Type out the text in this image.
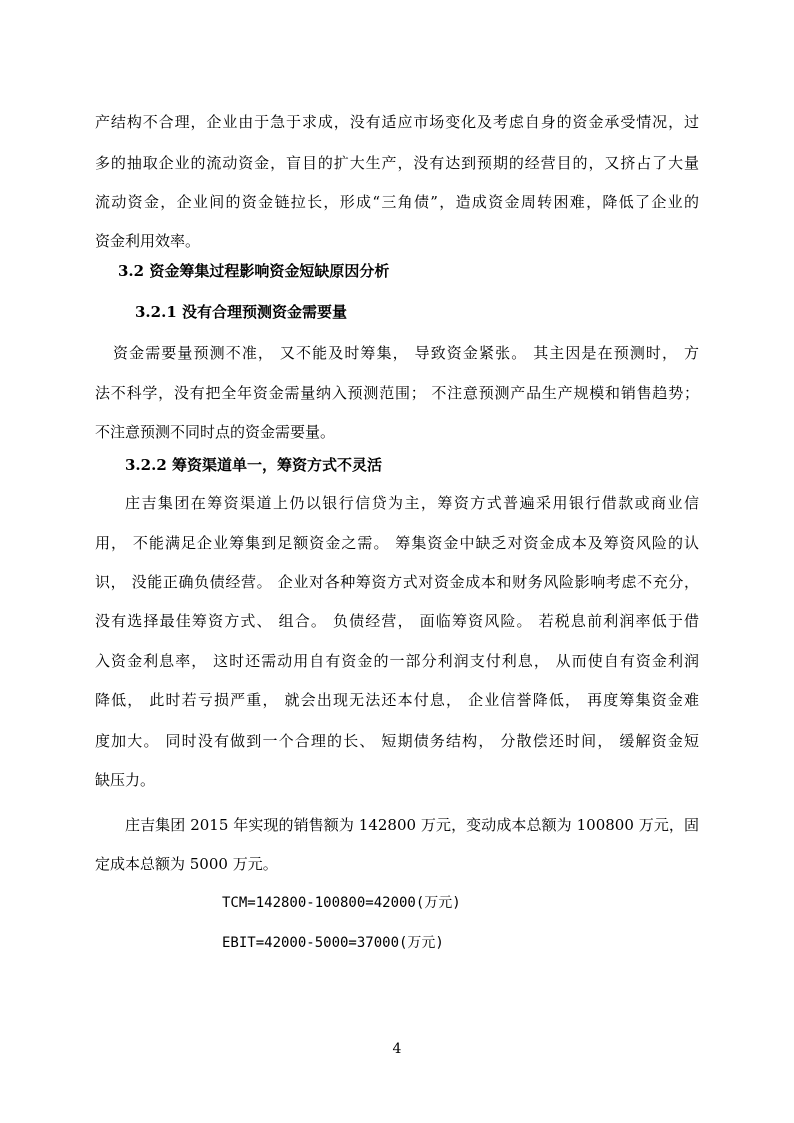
产结构不合理，企业由于急于求成，没有适应市场变化及考虑自身的资金承受情况，过
多的抽取企业的流动资金，盲目的扩大生产，没有达到预期的经营目的，又挤占了大量
流动资金，企业间的资金链拉长，形成“三角债”，造成资金周转困难，降低了企业的
资金利用效率。
3.2 资金筹集过程影响资金短缺原因分析
3.2.1 没有合理预测资金需要量
资金需要量预测不准， 又不能及时筹集， 导致资金紧张。 其主因是在预测时， 方
法不科学，没有把全年资金需量纳入预测范围； 不注意预测产品生产规模和销售趋势；
不注意预测不同时点的资金需要量。
3.2.2 筹资渠道单一，筹资方式不灵活
庄吉集团在筹资渠道上仍以银行信贷为主，筹资方式普遍采用银行借款或商业信
用， 不能满足企业筹集到足额资金之需。 筹集资金中缺乏对资金成本及筹资风险的认
识， 没能正确负债经营。 企业对各种筹资方式对资金成本和财务风险影响考虑不充分，
没有选择最佳筹资方式、 组合。 负债经营， 面临筹资风险。 若税息前利润率低于借
入资金利息率， 这时还需动用自有资金的一部分利润支付利息， 从而使自有资金利润
降低， 此时若亏损严重， 就会出现无法还本付息， 企业信誉降低， 再度筹集资金难
度加大。 同时没有做到一个合理的长、 短期债务结构， 分散偿还时间， 缓解资金短
缺压力。
庄吉集团 2015 年实现的销售额为 142800 万元，变动成本总额为 100800 万元，固
定成本总额为 5000 万元。
TCM=142800-100800=42000(万元)
EBIT=42000-5000=37000(万元)
4
